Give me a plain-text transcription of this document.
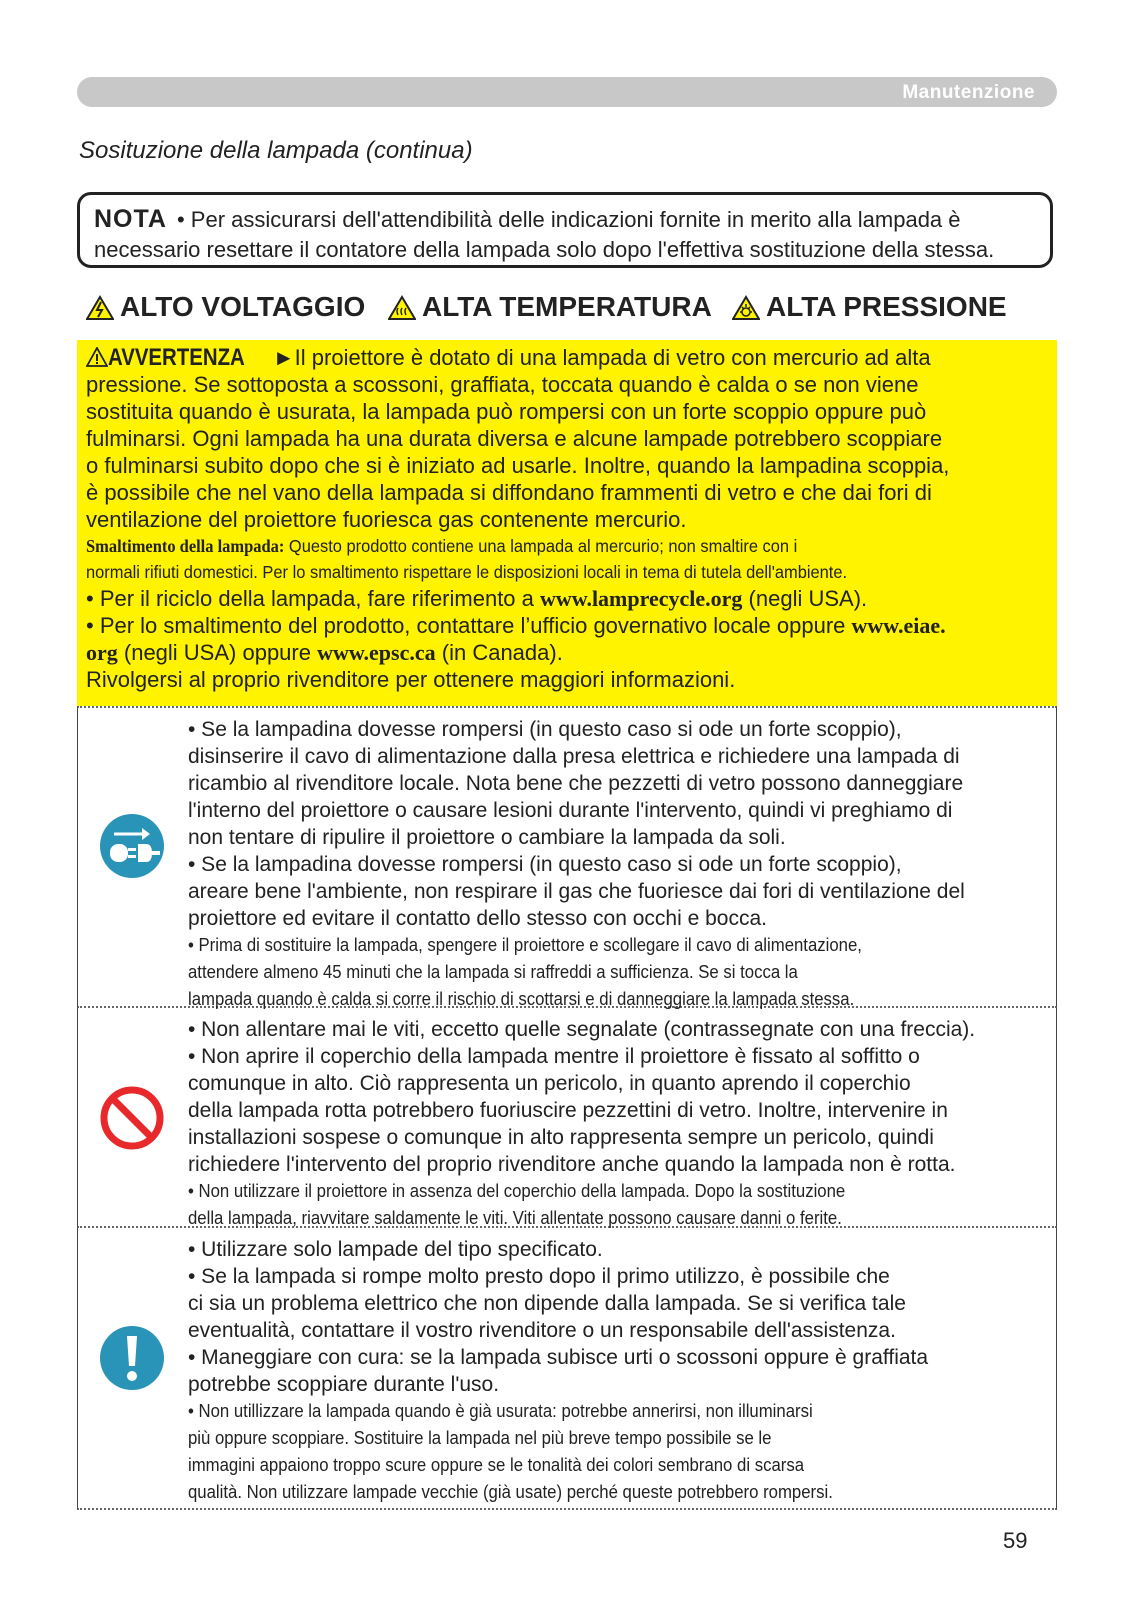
Manutenzione
Sosituzione della lampada (continua)
NOTA • Per assicurarsi dell'attendibilità delle indicazioni fornite in merito alla lampada è
necessario resettare il contatore della lampada solo dopo l'effettiva sostituzione della stessa.
ALTO VOLTAGGIO	ALTA TEMPERATURA	ALTA PRESSIONE
AVVERTENZA ►Il proiettore è dotato di una lampada di vetro con mercurio ad alta
pressione. Se sottoposta a scossoni, graffiata, toccata quando è calda o se non viene
sostituita quando è usurata, la lampada può rompersi con un forte scoppio oppure può
fulminarsi. Ogni lampada ha una durata diversa e alcune lampade potrebbero scoppiare
o fulminarsi subito dopo che si è iniziato ad usarle. Inoltre, quando la lampadina scoppia,
è possibile che nel vano della lampada si diffondano frammenti di vetro e che dai fori di
ventilazione del proiettore fuoriesca gas contenente mercurio.
Smaltimento della lampada: Questo prodotto contiene una lampada al mercurio; non smaltire con i
normali rifiuti domestici. Per lo smaltimento rispettare le disposizioni locali in tema di tutela dell'ambiente.
• Per il riciclo della lampada, fare riferimento a www.lamprecycle.org (negli USA).
• Per lo smaltimento del prodotto, contattare l’ufficio governativo locale oppure www.eiae.
org (negli USA) oppure www.epsc.ca (in Canada).
Rivolgersi al proprio rivenditore per ottenere maggiori informazioni.
• Se la lampadina dovesse rompersi (in questo caso si ode un forte scoppio),
disinserire il cavo di alimentazione dalla presa elettrica e richiedere una lampada di
ricambio al rivenditore locale. Nota bene che pezzetti di vetro possono danneggiare
l'interno del proiettore o causare lesioni durante l'intervento, quindi vi preghiamo di
non tentare di ripulire il proiettore o cambiare la lampada da soli.
• Se la lampadina dovesse rompersi (in questo caso si ode un forte scoppio),
areare bene l'ambiente, non respirare il gas che fuoriesce dai fori di ventilazione del
proiettore ed evitare il contatto dello stesso con occhi e bocca.
• Prima di sostituire la lampada, spengere il proiettore e scollegare il cavo di alimentazione,
attendere almeno 45 minuti che la lampada si raffreddi a sufficienza. Se si tocca la
lampada quando è calda si corre il rischio di scottarsi e di danneggiare la lampada stessa.
• Non allentare mai le viti, eccetto quelle segnalate (contrassegnate con una freccia).
• Non aprire il coperchio della lampada mentre il proiettore è fissato al soffitto o
comunque in alto. Ciò rappresenta un pericolo, in quanto aprendo il coperchio
della lampada rotta potrebbero fuoriuscire pezzettini di vetro. Inoltre, intervenire in
installazioni sospese o comunque in alto rappresenta sempre un pericolo, quindi
richiedere l'intervento del proprio rivenditore anche quando la lampada non è rotta.
• Non utilizzare il proiettore in assenza del coperchio della lampada. Dopo la sostituzione
della lampada, riavvitare saldamente le viti. Viti allentate possono causare danni o ferite.
• Utilizzare solo lampade del tipo specificato.
• Se la lampada si rompe molto presto dopo il primo utilizzo, è possibile che
ci sia un problema elettrico che non dipende dalla lampada. Se si verifica tale
eventualità, contattare il vostro rivenditore o un responsabile dell'assistenza.
• Maneggiare con cura: se la lampada subisce urti o scossoni oppure è graffiata
potrebbe scoppiare durante l'uso.
• Non utillizzare la lampada quando è già usurata: potrebbe annerirsi, non illuminarsi
più oppure scoppiare. Sostituire la lampada nel più breve tempo possibile se le
immagini appaiono troppo scure oppure se le tonalità dei colori sembrano di scarsa
qualità. Non utilizzare lampade vecchie (già usate) perché queste potrebbero rompersi.
59
